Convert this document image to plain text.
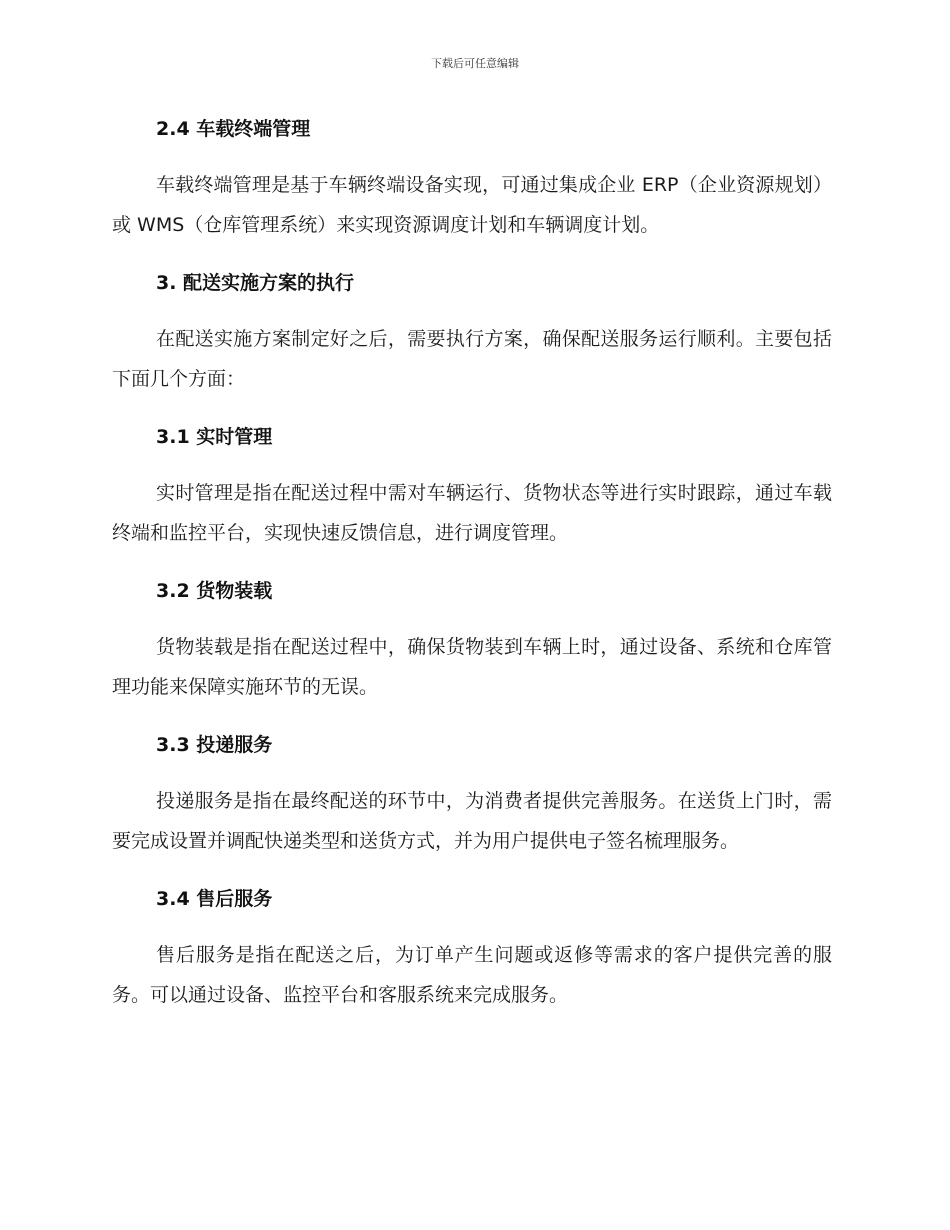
下载后可任意编辑
2.4 车载终端管理

车载终端管理是基于车辆终端设备实现，可通过集成企业 ERP（企业资源规划）或 WMS（仓库管理系统）来实现资源调度计划和车辆调度计划。

3. 配送实施方案的执行

在配送实施方案制定好之后，需要执行方案，确保配送服务运行顺利。主要包括下面几个方面：

3.1 实时管理

实时管理是指在配送过程中需对车辆运行、货物状态等进行实时跟踪，通过车载终端和监控平台，实现快速反馈信息，进行调度管理。

3.2 货物装载

货物装载是指在配送过程中，确保货物装到车辆上时，通过设备、系统和仓库管理功能来保障实施环节的无误。

3.3 投递服务

投递服务是指在最终配送的环节中，为消费者提供完善服务。在送货上门时，需要完成设置并调配快递类型和送货方式，并为用户提供电子签名梳理服务。

3.4 售后服务

售后服务是指在配送之后，为订单产生问题或返修等需求的客户提供完善的服务。可以通过设备、监控平台和客服系统来完成服务。
